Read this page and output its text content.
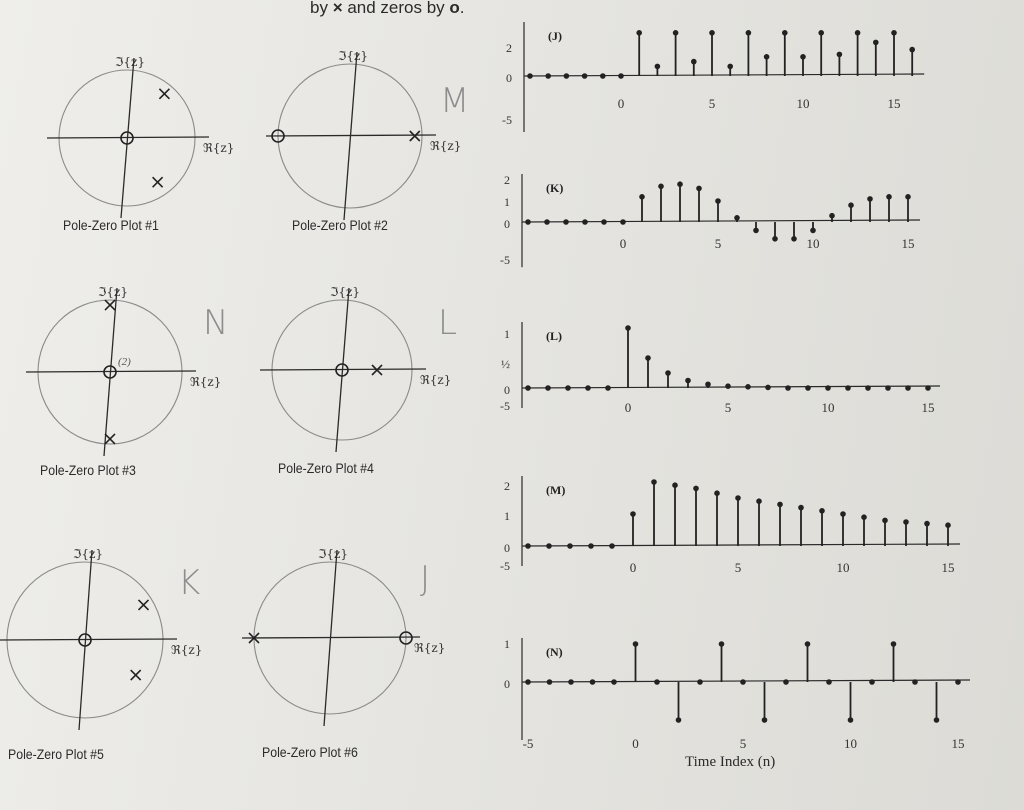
by × and zeros by o.
ℑ{z}
ℜ{z}
Pole-Zero Plot #1
ℑ{z}
ℜ{z}
M
Pole-Zero Plot #2
ℑ{z}
ℜ{z}
(2)
N
Pole-Zero Plot #3
ℑ{z}
ℜ{z}
L
Pole-Zero Plot #4
ℑ{z}
ℜ{z}
K
Pole-Zero Plot #5
ℑ{z}
ℜ{z}
J
Pole-Zero Plot #6
(J)
2
0
-5
0	5	10	15
(K)
2
1
0
-5
0	5	10	15
(L)
1
½
0
-5	0	5	10	15
(M)
2
1
0
-5	0	5	10	15
(N)
1
0
-5	0	5	10	15
Time Index (n)
